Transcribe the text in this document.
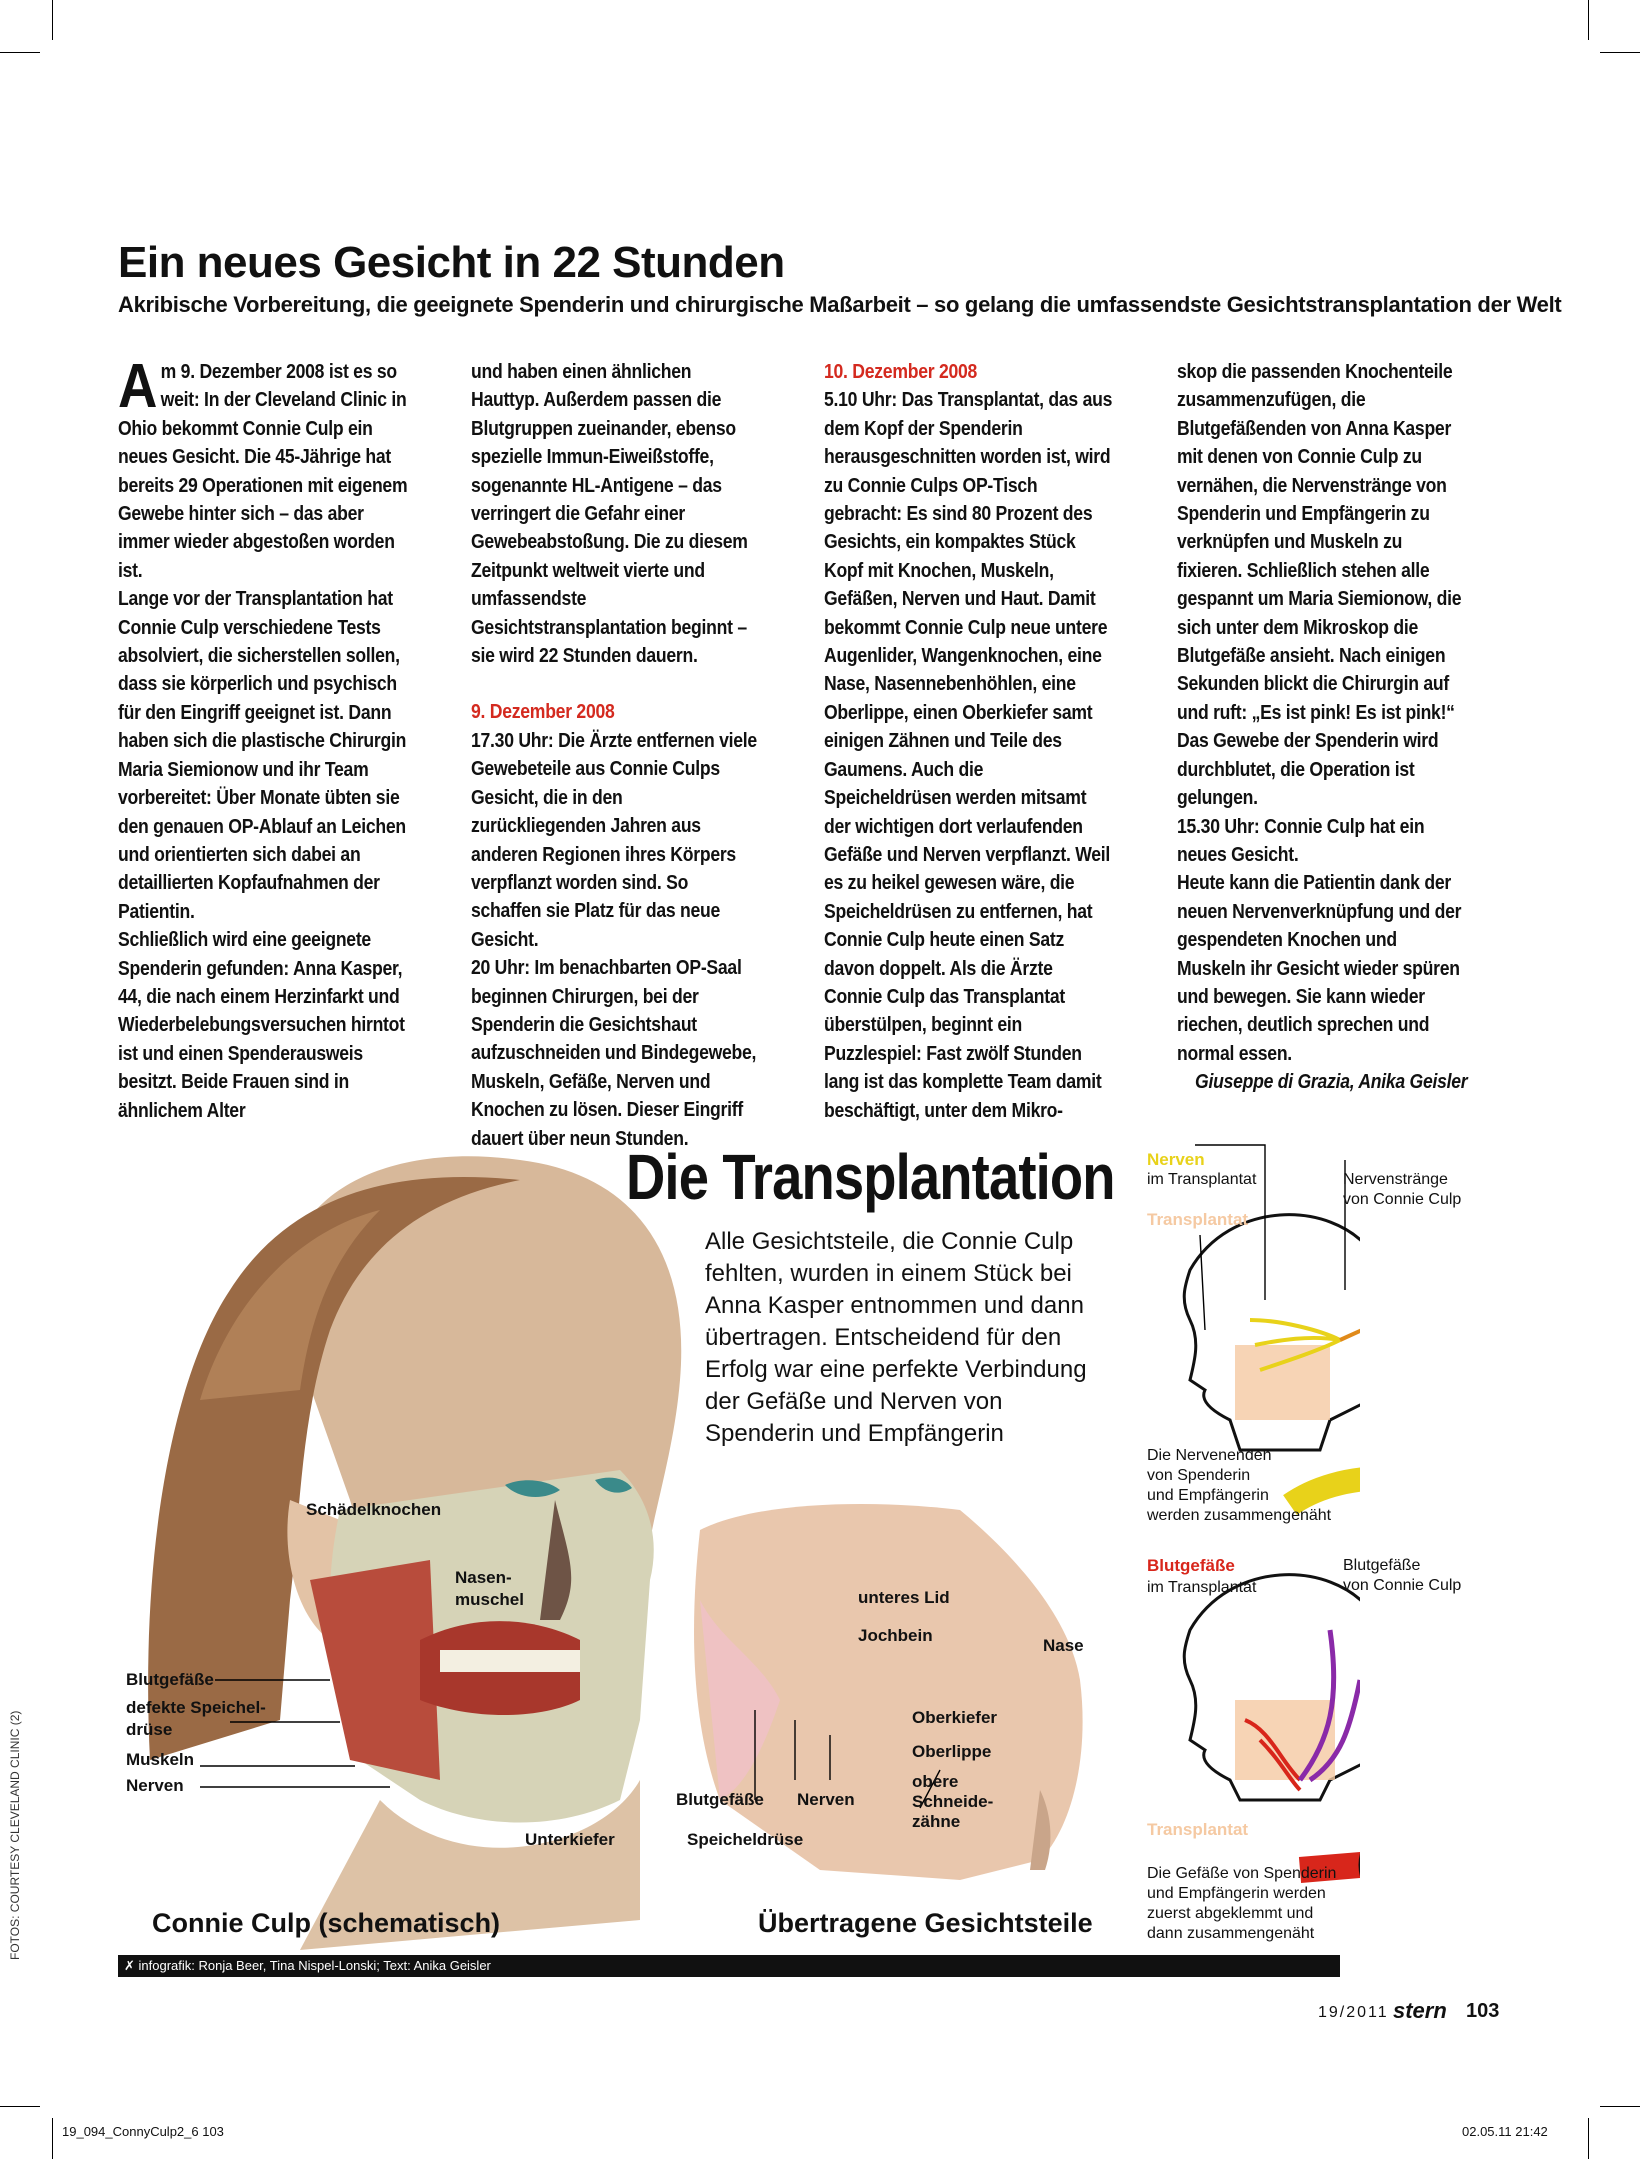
Ein neues Gesicht in 22 Stunden
Akribische Vorbereitung, die geeignete Spenderin und chirurgische Maßarbeit – so gelang die umfassendste Gesichtstransplantation der Welt
A m 9. Dezember 2008 ist es so weit: In der Cleveland Clinic in Ohio bekommt Connie Culp ein neues Gesicht. Die 45-Jährige hat bereits 29 Operationen mit eigenem Gewebe hinter sich – das aber immer wieder abgestoßen worden ist.

Lange vor der Transplantation hat Connie Culp verschiedene Tests absolviert, die sicherstellen sollen, dass sie körperlich und psychisch für den Eingriff geeignet ist. Dann haben sich die plastische Chirurgin Maria Siemionow und ihr Team vorbereitet: Über Monate übten sie den genauen OP-Ablauf an Leichen und orientierten sich dabei an detaillierten Kopfaufnahmen der Patientin.

Schließlich wird eine geeignete Spenderin gefunden: Anna Kasper, 44, die nach einem Herzinfarkt und Wiederbelebungsversuchen hirntot ist und einen Spenderausweis besitzt. Beide Frauen sind in ähnlichem Alter

und haben einen ähnlichen Hauttyp. Außerdem passen die Blutgruppen zueinander, ebenso spezielle Immun-Eiweißstoffe, sogenannte HL-Antigene – das verringert die Gefahr einer Gewebeabstoßung. Die zu diesem Zeitpunkt weltweit vierte und umfassendste Gesichtstransplantation beginnt – sie wird 22 Stunden dauern.

9. Dezember 2008

17.30 Uhr: Die Ärzte entfernen viele Gewebeteile aus Connie Culps Gesicht, die in den zurückliegenden Jahren aus anderen Regionen ihres Körpers verpflanzt worden sind. So schaffen sie Platz für das neue Gesicht.

20 Uhr: Im benachbarten OP-Saal beginnen Chirurgen, bei der Spenderin die Gesichtshaut aufzuschneiden und Bindegewebe, Muskeln, Gefäße, Nerven und Knochen zu lösen. Dieser Eingriff dauert über neun Stunden.

10. Dezember 2008

5.10 Uhr: Das Transplantat, das aus dem Kopf der Spenderin herausgeschnitten worden ist, wird zu Connie Culps OP-Tisch gebracht: Es sind 80 Prozent des Gesichts, ein kompaktes Stück Kopf mit Knochen, Muskeln, Gefäßen, Nerven und Haut. Damit bekommt Connie Culp neue untere Augenlider, Wangenknochen, eine Nase, Nasennebenhöhlen, eine Oberlippe, einen Oberkiefer samt einigen Zähnen und Teile des Gaumens. Auch die Speicheldrüsen werden mitsamt der wichtigen dort verlaufenden Gefäße und Nerven verpflanzt. Weil es zu heikel gewesen wäre, die Speicheldrüsen zu entfernen, hat Connie Culp heute einen Satz davon doppelt. Als die Ärzte Connie Culp das Transplantat überstülpen, beginnt ein Puzzlespiel: Fast zwölf Stunden lang ist das komplette Team damit beschäftigt, unter dem Mikro-

skop die passenden Knochenteile zusammenzufügen, die Blutgefäßenden von Anna Kasper mit denen von Connie Culp zu vernähen, die Nervenstränge von Spenderin und Empfängerin zu verknüpfen und Muskeln zu fixieren. Schließlich stehen alle gespannt um Maria Siemionow, die sich unter dem Mikroskop die Blutgefäße ansieht. Nach einigen Sekunden blickt die Chirurgin auf und ruft: „Es ist pink! Es ist pink!“ Das Gewebe der Spenderin wird durchblutet, die Operation ist gelungen.

15.30 Uhr: Connie Culp hat ein neues Gesicht.

Heute kann die Patientin dank der neuen Nervenverknüpfung und der gespendeten Knochen und Muskeln ihr Gesicht wieder spüren und bewegen. Sie kann wieder riechen, deutlich sprechen und normal essen.

Giuseppe di Grazia, Anika Geisler
Die Transplantation
Alle Gesichtsteile, die Connie Culp fehlten, wurden in einem Stück bei Anna Kasper entnommen und dann übertragen. Entscheidend für den Erfolg war eine perfekte Verbindung der Gefäße und Nerven von Spenderin und Empfängerin
Schädelknochen
Nasen-
muschel
Blutgefäße
defekte Speichel-
drüse
Muskeln
Nerven
Unterkiefer
Connie Culp (schematisch)
unteres Lid
Jochbein
Nase
Oberkiefer
Oberlippe
obere
Schneide-
zähne
Blutgefäße Nerven
Speicheldrüse
Übertragene Gesichtsteile
Nerven
im Transplantat	Nervenstränge
von Connie Culp
Transplantat
Die Nervenenden
von Spenderin
und Empfängerin
werden zusammengenäht
Blutgefäße
im Transplantat
Blutgefäße
von Connie Culp
Transplantat
Die Gefäße von Spenderin
und Empfängerin werden
zuerst abgeklemmt und
dann zusammengenäht
✗ infografik: Ronja Beer, Tina Nispel-Lonski; Text: Anika Geisler
FOTOS: COURTESY CLEVELAND CLINIC (2)
19/2011 stern 103
19_094_ConnyCulp2_6 103	02.05.11 21:42
